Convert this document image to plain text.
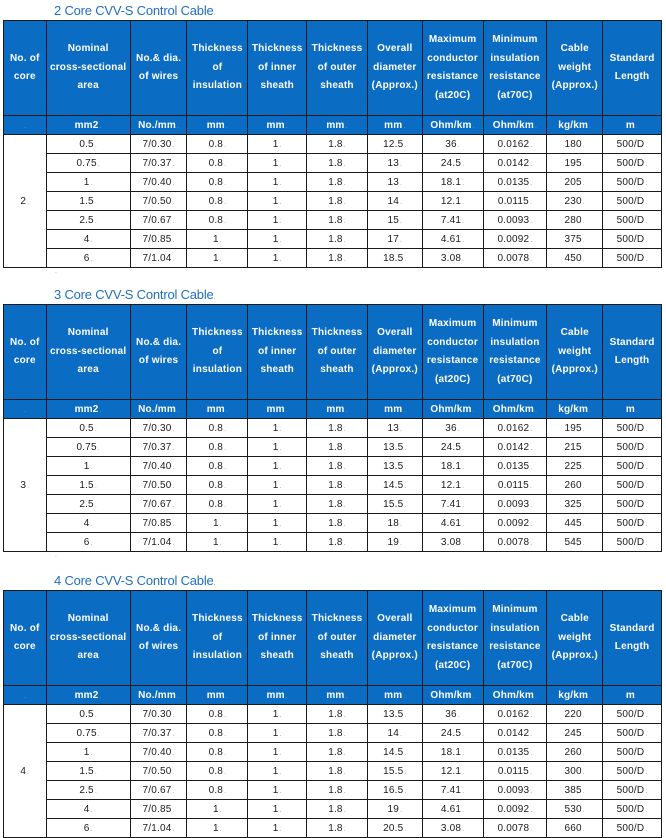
2 Core CVV-S Control Cable.
No. of
core

Nominal
cross-sectional
area

No.& dia.
of wires

Thickness
of
insulation

Thickness
of inner
sheath

Thickness
of outer
sheath

Overall
diameter
(Approx.)

Maximum
conductor
resistance
(at20C)

Minimum
insulation
resistance
(at70C)

Cable
weight
(Approx.)

Standard
Length

.	mm2.	No./mm.	mm.	mm.	mm.	mm.	Ohm/km.	Ohm/km.	kg/km.	m.
2.	0.5.	7/0.30.	0.8.	1.	1.8.	12.5.	36.	0.0162.	180.	500/D.
	0.75.	7/0.37.	0.8.	1.	1.8.	13.	24.5.	0.0142.	195.	500/D.
	1.	7/0.40.	0.8.	1.	1.8.	13.	18.1.	0.0135.	205.	500/D.
	1.5.	7/0.50.	0.8.	1.	1.8.	14.	12.1.	0.0115.	230.	500/D.
	2.5.	7/0.67.	0.8.	1.	1.8.	15.	7.41.	0.0093.	280.	500/D.
	4.	7/0.85.	1.	1.	1.8.	17.	4.61.	0.0092.	375.	500/D.
	6.	7/1.04.	1.	1.	1.8.	18.5.	3.08.	0.0078.	450.	500/D.
.
3 Core CVV-S Control Cable.
No. of
core

Nominal
cross-sectional
area

No.& dia.
of wires

Thickness
of
insulation

Thickness
of inner
sheath

Thickness
of outer
sheath

Overall
diameter
(Approx.)

Maximum
conductor
resistance
(at20C)

Minimum
insulation
resistance
(at70C)

Cable
weight
(Approx.)

Standard
Length

.	mm2.	No./mm.	mm.	mm.	mm.	mm.	Ohm/km.	Ohm/km.	kg/km.	m.
3.	0.5.	7/0.30.	0.8.	1.	1.8.	13.	36.	0.0162.	195.	500/D.
	0.75.	7/0.37.	0.8.	1.	1.8.	13.5.	24.5.	0.0142.	215.	500/D.
	1.	7/0.40.	0.8.	1.	1.8.	13.5.	18.1.	0.0135.	225.	500/D.
	1.5.	7/0.50.	0.8.	1.	1.8.	14.5.	12.1.	0.0115.	260.	500/D.
	2.5.	7/0.67.	0.8.	1.	1.8.	15.5.	7.41.	0.0093.	325.	500/D.
	4.	7/0.85.	1.	1.	1.8.	18.	4.61.	0.0092.	445.	500/D.
	6.	7/1.04.	1.	1.	1.8.	19.	3.08.	0.0078.	545.	500/D.
.
4 Core CVV-S Control Cable.
No. of
core

Nominal
cross-sectional
area

No.& dia.
of wires

Thickness
of
insulation

Thickness
of inner
sheath

Thickness
of outer
sheath

Overall
diameter
(Approx.)

Maximum
conductor
resistance
(at20C)

Minimum
insulation
resistance
(at70C)

Cable
weight
(Approx.)

Standard
Length

.	mm2.	No./mm.	mm.	mm.	mm.	mm.	Ohm/km.	Ohm/km.	kg/km.	m.
4.	0.5.	7/0.30.	0.8.	1.	1.8.	13.5.	36.	0.0162.	220.	500/D.
	0.75.	7/0.37.	0.8.	1.	1.8.	14.	24.5.	0.0142.	245.	500/D.
	1.	7/0.40.	0.8.	1.	1.8.	14.5.	18.1.	0.0135.	260.	500/D.
	1.5.	7/0.50.	0.8.	1.	1.8.	15.5.	12.1.	0.0115.	300.	500/D.
	2.5.	7/0.67.	0.8.	1.	1.8.	16.5.	7.41.	0.0093.	385.	500/D.
	4.	7/0.85.	1.	1.	1.8.	19.	4.61.	0.0092.	530.	500/D.
	6.	7/1.04.	1.	1.	1.8.	20.5.	3.08.	0.0078.	660.	500/D.
